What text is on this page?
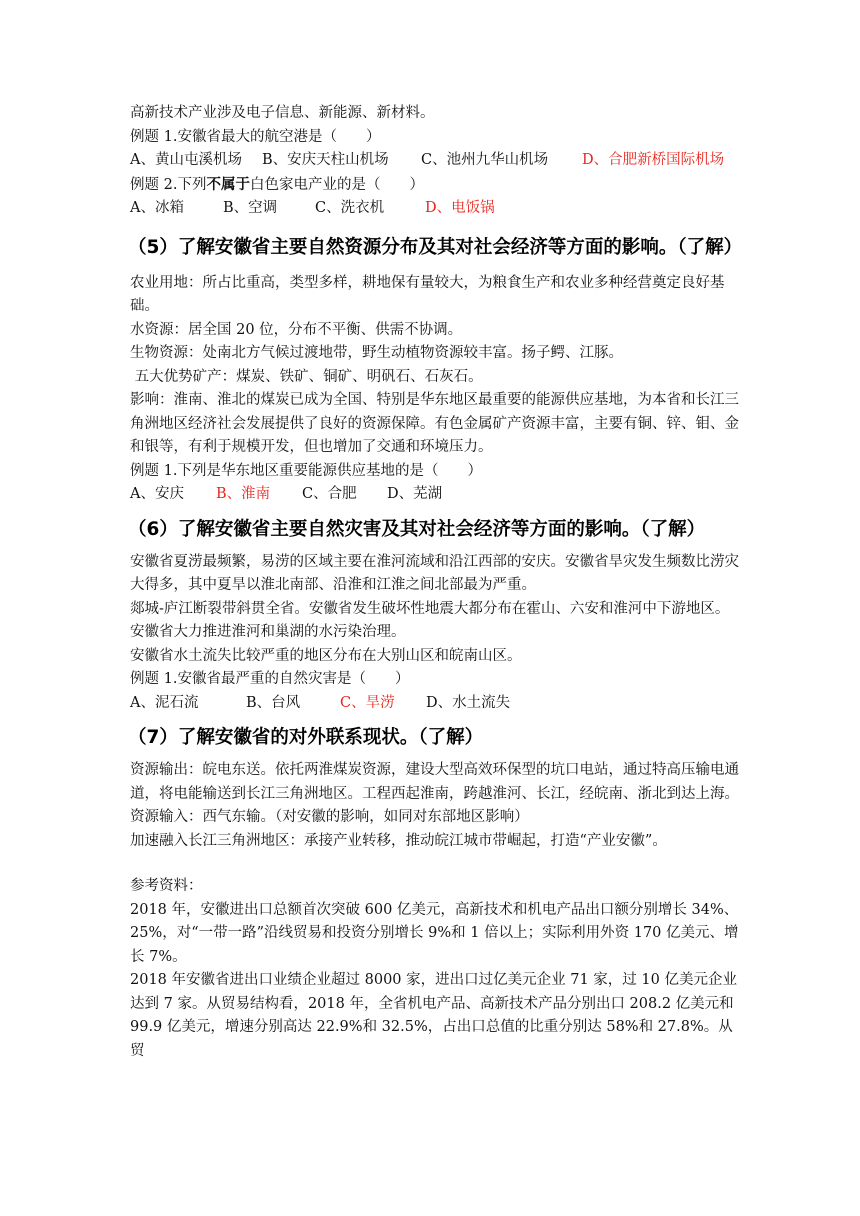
高新技术产业涉及电子信息、新能源、新材料。

例题 1.安徽省最大的航空港是（　　）

A、黄山屯溪机场	B、安庆天柱山机场	C、池州九华山机场	D、合肥新桥国际机场

例题 2.下列不属于白色家电产业的是（　　）

A、冰箱	B、空调	C、洗衣机	D、电饭锅
（5）了解安徽省主要自然资源分布及其对社会经济等方面的影响。（了解）

农业用地：所占比重高，类型多样，耕地保有量较大，为粮食生产和农业多种经营奠定良好基础。

水资源：居全国 20 位，分布不平衡、供需不协调。

生物资源：处南北方气候过渡地带，野生动植物资源较丰富。扬子鳄、江豚。

五大优势矿产：煤炭、铁矿、铜矿、明矾石、石灰石。

影响：淮南、淮北的煤炭已成为全国、特别是华东地区最重要的能源供应基地，为本省和长江三角洲地区经济社会发展提供了良好的资源保障。有色金属矿产资源丰富，主要有铜、锌、钼、金和银等，有利于规模开发，但也增加了交通和环境压力。

例题 1.下列是华东地区重要能源供应基地的是（　　）

A、安庆	B、淮南	C、合肥	D、芜湖
（6）了解安徽省主要自然灾害及其对社会经济等方面的影响。（了解）

安徽省夏涝最频繁，易涝的区域主要在淮河流域和沿江西部的安庆。安徽省旱灾发生频数比涝灾大得多，其中夏旱以淮北南部、沿淮和江淮之间北部最为严重。

郯城-庐江断裂带斜贯全省。安徽省发生破坏性地震大都分布在霍山、六安和淮河中下游地区。

安徽省大力推进淮河和巢湖的水污染治理。

安徽省水土流失比较严重的地区分布在大别山区和皖南山区。

例题 1.安徽省最严重的自然灾害是（　　）

A、泥石流	B、台风	C、旱涝	D、水土流失
（7）了解安徽省的对外联系现状。（了解）

资源输出：皖电东送。依托两淮煤炭资源，建设大型高效环保型的坑口电站，通过特高压输电通道，将电能输送到长江三角洲地区。工程西起淮南，跨越淮河、长江，经皖南、浙北到达上海。

资源输入：西气东输。（对安徽的影响，如同对东部地区影响）

加速融入长江三角洲地区：承接产业转移，推动皖江城市带崛起，打造“产业安徽”。

参考资料：

2018 年，安徽进出口总额首次突破 600 亿美元，高新技术和机电产品出口额分别增长 34%、25%，对“一带一路”沿线贸易和投资分别增长 9%和 1 倍以上；实际利用外资 170 亿美元、增长 7%。

2018 年安徽省进出口业绩企业超过 8000 家，进出口过亿美元企业 71 家，过 10 亿美元企业达到 7 家。从贸易结构看，2018 年，全省机电产品、高新技术产品分别出口 208.2 亿美元和 99.9 亿美元，增速分别高达 22.9%和 32.5%，占出口总值的比重分别达 58%和 27.8%。从贸
